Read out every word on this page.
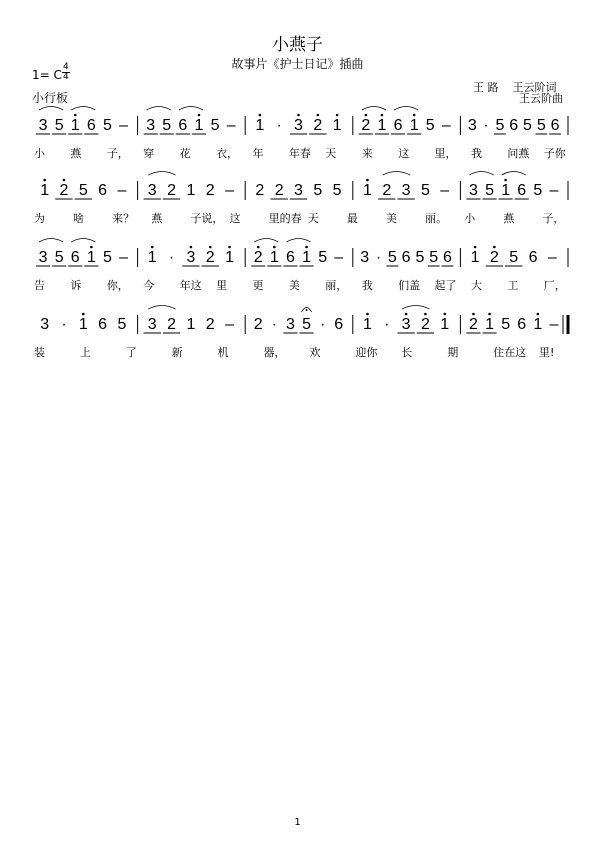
小燕子
故事片《护士日记》插曲
1= C $\frac{4}{4}$
小行板
王 路 王云阶词
王云阶曲
3 5 1 6 5 – 3 5 6 1 5 – 1 · 3 2 1 2 1 6 1 5 – 3 · 5 6 5 5 6
小 燕 子， 穿 花 衣， 年 年春 天 来 这 里， 我 问燕 子你
1 2 5 6 – 3 2 1 2 – 2 2 3 5 5 1 2 3 5 – 3 5 1 6 5 –
为	啥	来？ 燕	子说， 这	里的春 天	最	美	丽。 小	燕	子，
3 5 6 1 5 – 1 · 3 2 1 2 1 6 1 5 – 3 · 5 6 5 5 6 1 2 5 6 –
告 诉 你， 今 年这 里 更 美 丽， 我 们盖 起了 大 工 厂，
3 · 1 6 5 3 2 1 2 – 2 · 3 5 · 6 1 · 3 2 1 2 1 5 6 1 –
装	上	了	新	机	器， 欢	迎你 长	期	住在这 里!
1
